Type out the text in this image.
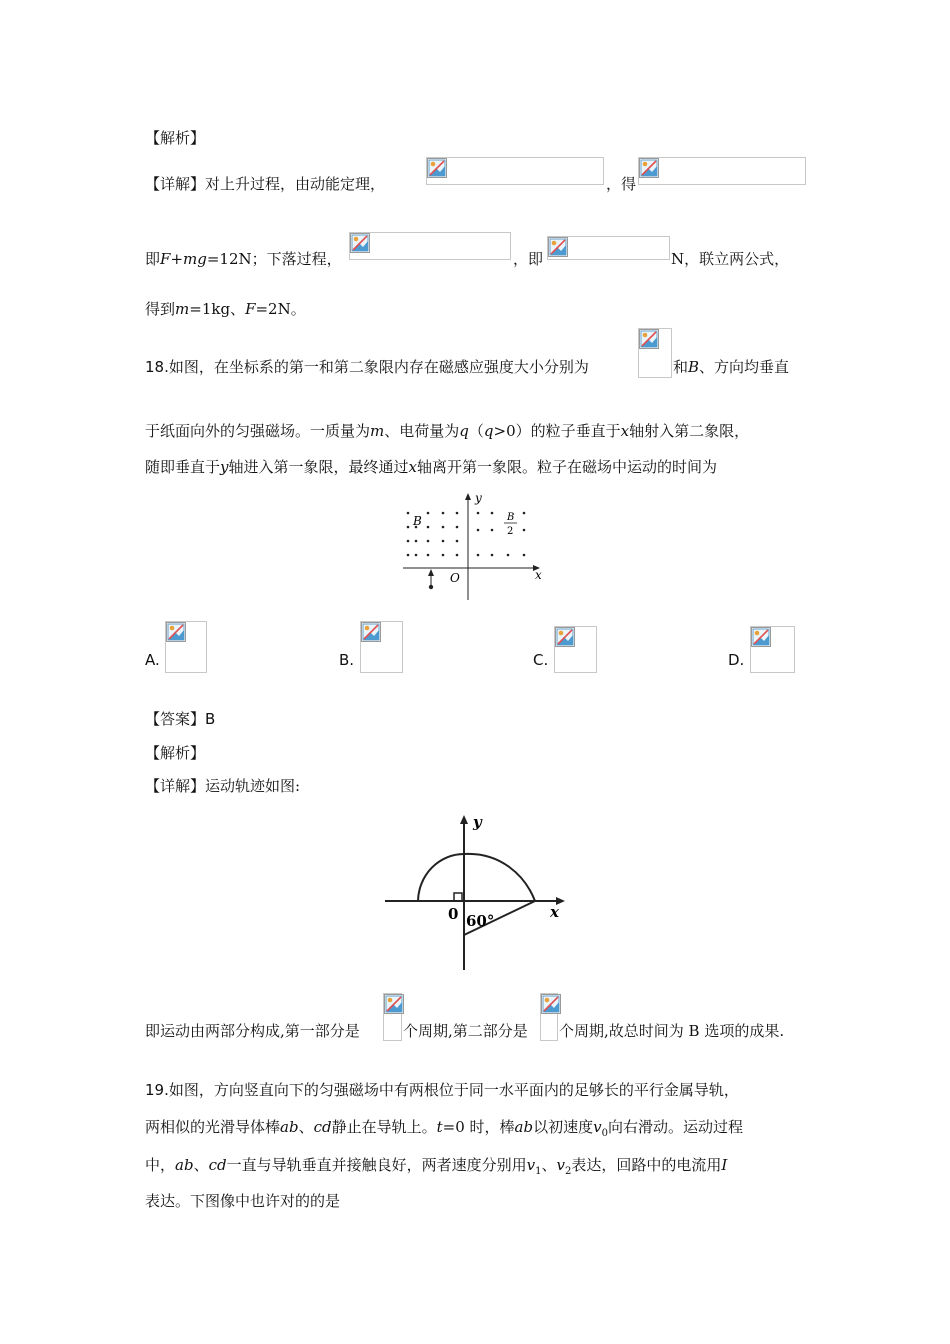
【解析】
【详解】对上升过程，由动能定理，	，得
即F+mg=12N；下落过程，	，即	N，联立两公式，
得到m=1kg、F=2N。
18.如图，在坐标系的第一和第二象限内存在磁感应强度大小分别为	和B、方向均垂直
于纸面向外的匀强磁场。一质量为m、电荷量为q（q>0）的粒子垂直于x轴射入第二象限，
随即垂直于y轴进入第一象限，最终通过x轴离开第一象限。粒子在磁场中运动的时间为
B	B
2
O	x
y
A.	B.	C.	D.
【答案】B
【解析】
【详解】运动轨迹如图:
0 60°	x
y
即运动由两部分构成,第一部分是	个周期,第二部分是 个周期,故总时间为 B 选项的成果.
19.如图，方向竖直向下的匀强磁场中有两根位于同一水平面内的足够长的平行金属导轨，
两相似的光滑导体棒ab、cd静止在导轨上。t=0 时，棒ab以初速度$v_0$向右滑动。运动过程
中，ab、cd一直与导轨垂直并接触良好，两者速度分别用$v_1$、$v_2$表达，回路中的电流用I
表达。下图像中也许对的的是
